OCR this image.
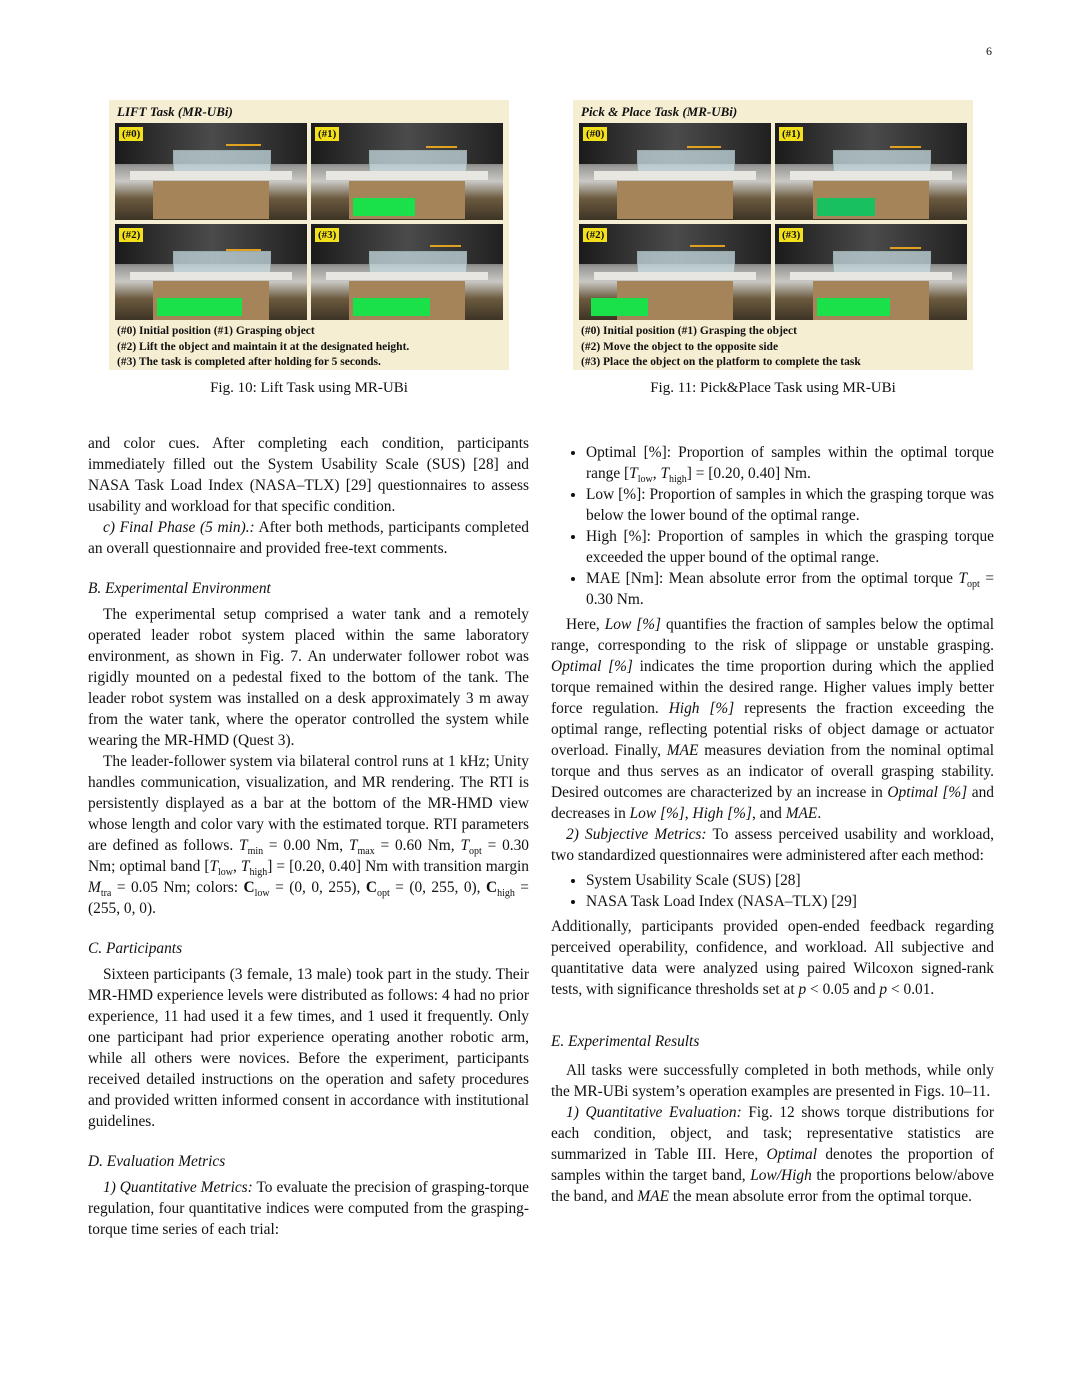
6
LIFT Task (MR-UBi)
(#0)	(#1)
(#2)	(#3)
(#0) Initial position (#1) Grasping object
(#2) Lift the object and maintain it at the designated height.
(#3) The task is completed after holding for 5 seconds.
Fig. 10: Lift Task using MR-UBi
Pick & Place Task (MR-UBi)
(#0)	(#1)
(#2)	(#3)
(#0) Initial position (#1) Grasping the object
(#2) Move the object to the opposite side
(#3) Place the object on the platform to complete the task
Fig. 11: Pick&Place Task using MR-UBi

and color cues. After completing each condition, participants immediately filled out the System Usability Scale (SUS) [28] and NASA Task Load Index (NASA–TLX) [29] questionnaires to assess usability and workload for that specific condition.

c) Final Phase (5 min).: After both methods, participants completed an overall questionnaire and provided free-text comments.

B. Experimental Environment

The experimental setup comprised a water tank and a remotely operated leader robot system placed within the same laboratory environment, as shown in Fig. 7. An underwater follower robot was rigidly mounted on a pedestal fixed to the bottom of the tank. The leader robot system was installed on a desk approximately 3 m away from the water tank, where the operator controlled the system while wearing the MR-HMD (Quest 3).

The leader-follower system via bilateral control runs at 1 kHz; Unity handles communication, visualization, and MR rendering. The RTI is persistently displayed as a bar at the bottom of the MR-HMD view whose length and color vary with the estimated torque. RTI parameters are defined as follows. $T_{min} = 0.00$ Nm, $T_{max} = 0.60$ Nm, $T_{opt} = 0.30$ Nm; optimal band [$T_{low}$, $T_{high}] = [0.20$, 0.40] Nm with transition margin $M_{tra} = 0.05$ Nm; colors: $C_{low} = (0$, 0, 255), $C_{opt} = (0$, 255, 0), $C_{high} = (255$, 0, 0).

C. Participants

Sixteen participants (3 female, 13 male) took part in the study. Their MR-HMD experience levels were distributed as follows: 4 had no prior experience, 11 had used it a few times, and 1 used it frequently. Only one participant had prior experience operating another robotic arm, while all others were novices. Before the experiment, participants received detailed instructions on the operation and safety procedures and provided written informed consent in accordance with institutional guidelines.

D. Evaluation Metrics

1) Quantitative Metrics: To evaluate the precision of grasping-torque regulation, four quantitative indices were computed from the grasping-torque time series of each trial:

• Optimal [%]: Proportion of samples within the optimal torque range [$T_{low}$, $T_{high}] = [0.20$, 0.40] Nm.
• Low [%]: Proportion of samples in which the grasping torque was below the lower bound of the optimal range.
• High [%]: Proportion of samples in which the grasping torque exceeded the upper bound of the optimal range.
• MAE [Nm]: Mean absolute error from the optimal torque $T_{opt} = 0.30$ Nm.

Here, Low [%] quantifies the fraction of samples below the optimal range, corresponding to the risk of slippage or unstable grasping. Optimal [%] indicates the time proportion during which the applied torque remained within the desired range. Higher values imply better force regulation. High [%] represents the fraction exceeding the optimal range, reflecting potential risks of object damage or actuator overload. Finally, MAE measures deviation from the nominal optimal torque and thus serves as an indicator of overall grasping stability. Desired outcomes are characterized by an increase in Optimal [%] and decreases in Low [%], High [%], and MAE.

2) Subjective Metrics: To assess perceived usability and workload, two standardized questionnaires were administered after each method:

• System Usability Scale (SUS) [28]
• NASA Task Load Index (NASA–TLX) [29]

Additionally, participants provided open-ended feedback regarding perceived operability, confidence, and workload. All subjective and quantitative data were analyzed using paired Wilcoxon signed-rank tests, with significance thresholds set at p < 0.05 and p < 0.01.

E. Experimental Results

All tasks were successfully completed in both methods, while only the MR-UBi system’s operation examples are presented in Figs. 10–11.

1) Quantitative Evaluation: Fig. 12 shows torque distributions for each condition, object, and task; representative statistics are summarized in Table III. Here, Optimal denotes the proportion of samples within the target band, Low/High the proportions below/above the band, and MAE the mean absolute error from the optimal torque.
